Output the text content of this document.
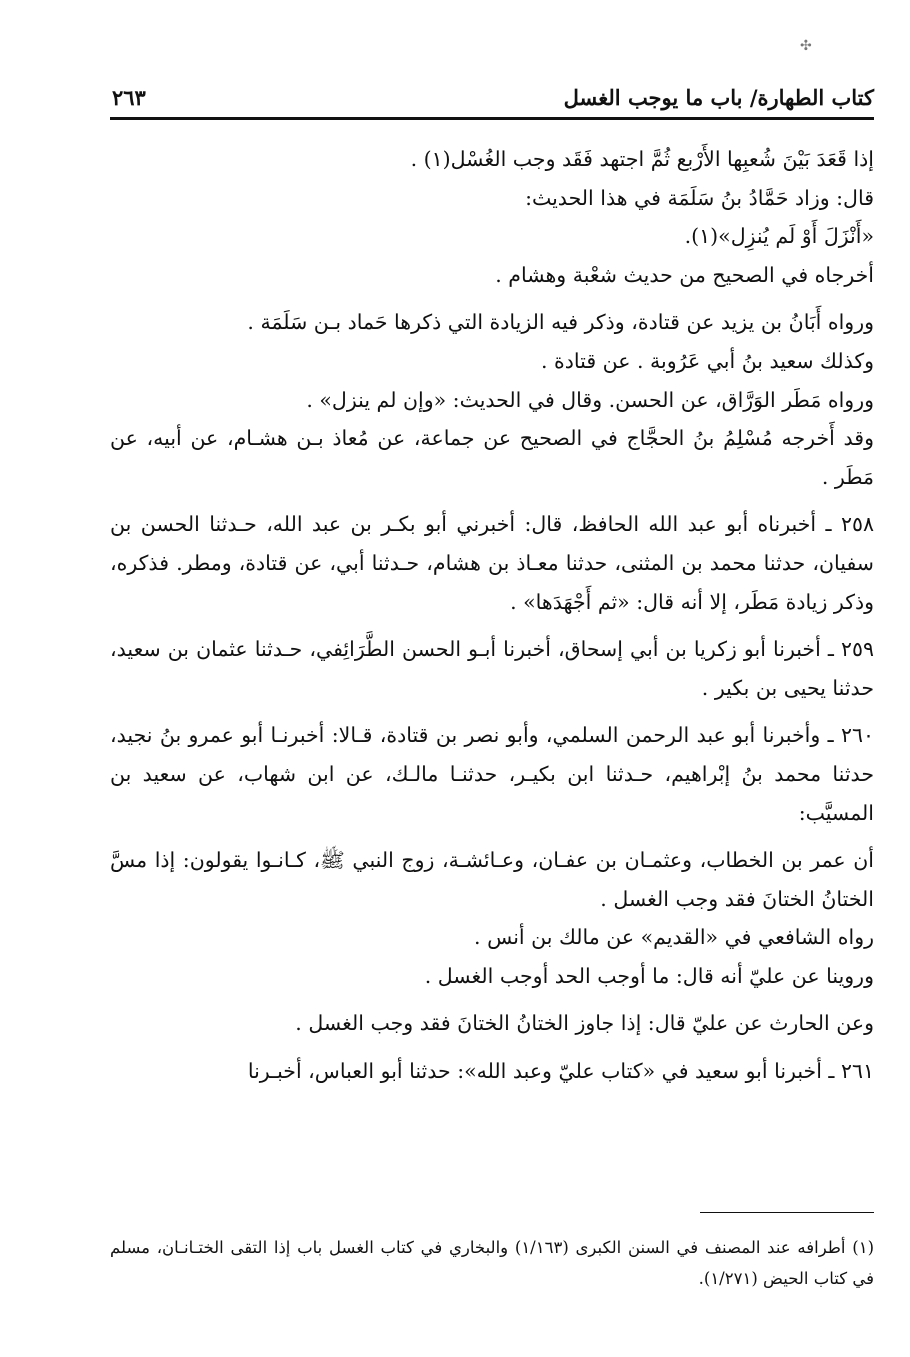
✣
كتاب الطهارة/ باب ما يوجب الغسل
٢٦٣

إذا قَعَدَ بَيْنَ شُعبِها الأَرْبع ثُمَّ اجتهد فَقَد وجب الغُسْل(١) .

قال: وزاد حَمَّادُ بنُ سَلَمَة في هذا الحديث:

«أَنْزَلَ أَوْ لَم يُنزِل»(١).

أخرجاه في الصحيح من حديث شعْبة وهشام .

ورواه أَبَانُ بن يزيد عن قتادة، وذكر فيه الزيادة التي ذكرها حَماد بـن سَلَمَة .

وكذلك سعيد بنُ أبي عَرُوبة . عن قتادة .

ورواه مَطَر الوَرَّاق، عن الحسن. وقال في الحديث: «وإن لم ينزل» .

وقد أَخرجه مُسْلِمُ بنُ الحجَّاج في الصحيح عن جماعة، عن مُعاذ بـن هشـام، عن أبيه، عن مَطَر .

٢٥٨ ـ أخبرناه أبو عبد الله الحافظ، قال: أخبرني أبو بكـر بن عبد الله، حـدثنا الحسن بن سفيان، حدثنا محمد بن المثنى، حدثنا معـاذ بن هشام، حـدثنا أبي، عن قتادة، ومطر. فذكره، وذكر زيادة مَطَر، إلا أنه قال: «ثم أَجْهَدَها» .

٢٥٩ ـ أخبرنا أبو زكريا بن أبي إسحاق، أخبرنا أبـو الحسن الطَّرَائِفي، حـدثنا عثمان بن سعيد، حدثنا يحيى بن بكير .

٢٦٠ ـ وأخبرنا أبو عبد الرحمن السلمي، وأبو نصر بن قتادة، قـالا: أخبرنـا أبو عمرو بنُ نجيد، حدثنا محمد بنُ إبْراهيم، حـدثنا ابن بكيـر، حدثنـا مالـك، عن ابن شهاب، عن سعيد بن المسيَّب:

أن عمر بن الخطاب، وعثمـان بن عفـان، وعـائشـة، زوج النبي ﷺ، كـانـوا يقولون: إذا مسَّ الختانُ الختانَ فقد وجب الغسل .

رواه الشافعي في «القديم» عن مالك بن أنس .

وروينا عن عليّ أنه قال: ما أوجب الحد أوجب الغسل .

وعن الحارث عن عليّ قال: إذا جاوز الختانُ الختانَ فقد وجب الغسل .

٢٦١ ـ أخبرنا أبو سعيد في «كتاب عليّ وعبد الله»: حدثنا أبو العباس، أخبـرنا

(١) أطرافه عند المصنف في السنن الكبرى (١/١٦٣) والبخاري في كتاب الغسل باب إذا التقى الختـانـان، مسلم في كتاب الحيض (١/٢٧١).
